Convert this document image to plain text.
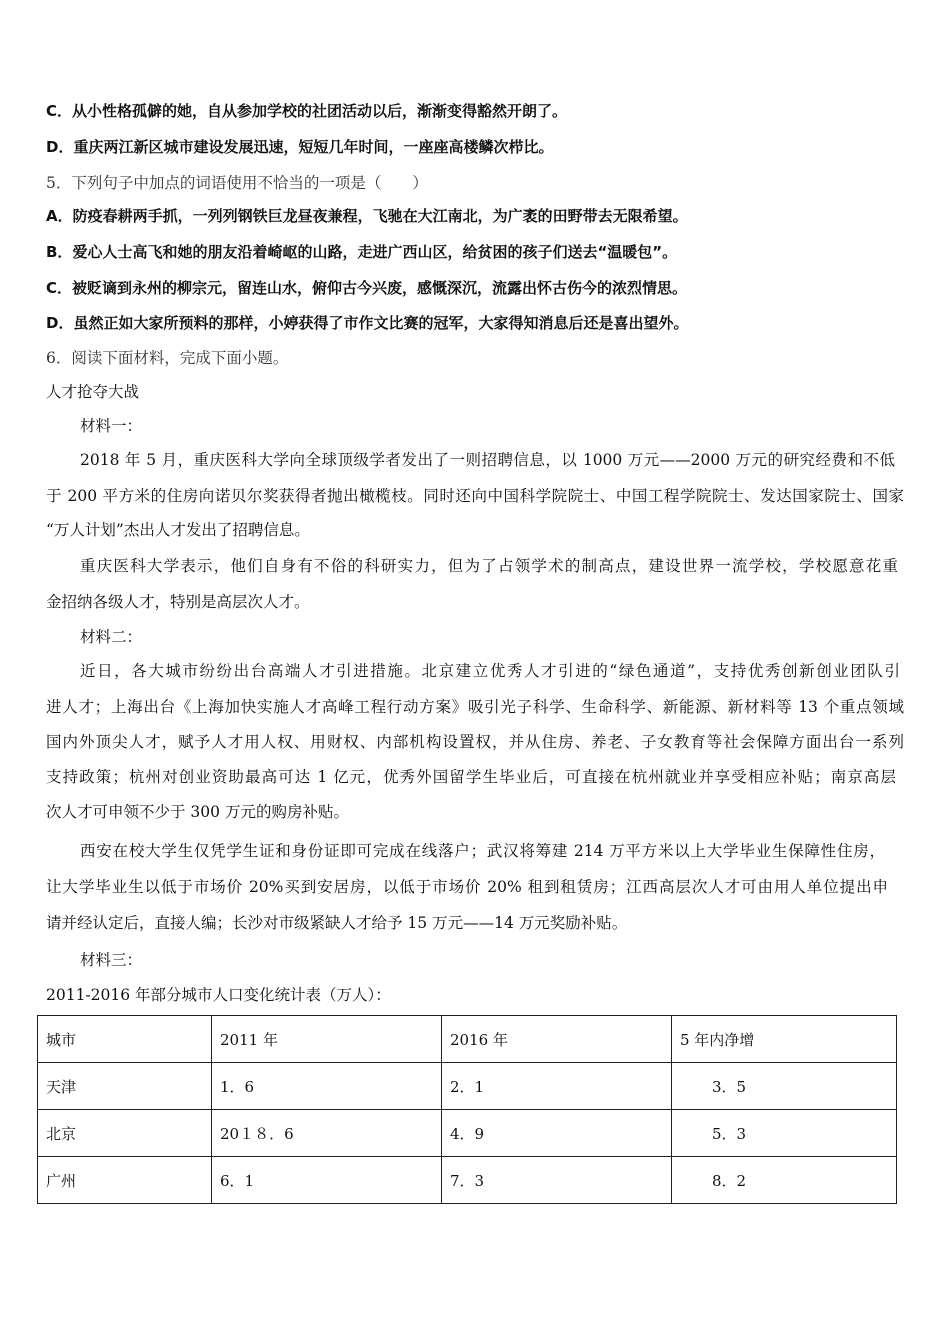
C．从小性格孤僻的她，自从参加学校的社团活动以后，渐渐变得豁然开朗了。
D．重庆两江新区城市建设发展迅速，短短几年时间，一座座高楼鳞次栉比。
5．下列句子中加点的词语使用不恰当的一项是（　　）
A．防疫春耕两手抓，一列列钢铁巨龙昼夜兼程，飞驰在大江南北，为广袤的田野带去无限希望。
B．爱心人士高飞和她的朋友沿着崎岖的山路，走进广西山区，给贫困的孩子们送去“温暖包”。
C．被贬谪到永州的柳宗元，留连山水，俯仰古今兴废，感慨深沉，流露出怀古伤今的浓烈情思。
D．虽然正如大家所预料的那样，小婷获得了市作文比赛的冠军，大家得知消息后还是喜出望外。
6．阅读下面材料，完成下面小题。
人才抢夺大战
材料一：
2018 年 5 月，重庆医科大学向全球顶级学者发出了一则招聘信息，以 1000 万元——2000 万元的研究经费和不低
于 200 平方米的住房向诺贝尔奖获得者抛出橄榄枝。同时还向中国科学院院士、中国工程学院院士、发达国家院士、国家
“万人计划”杰出人才发出了招聘信息。
重庆医科大学表示，他们自身有不俗的科研实力，但为了占领学术的制高点，建设世界一流学校，学校愿意花重
金招纳各级人才，特别是高层次人才。
材料二：
近日，各大城市纷纷出台高端人才引进措施。北京建立优秀人才引进的“绿色通道”，支持优秀创新创业团队引
进人才；上海出台《上海加快实施人才高峰工程行动方案》吸引光子科学、生命科学、新能源、新材料等 13 个重点领域
国内外顶尖人才，赋予人才用人权、用财权、内部机构设置权，并从住房、养老、子女教育等社会保障方面出台一系列
支持政策；杭州对创业资助最高可达 1 亿元，优秀外国留学生毕业后，可直接在杭州就业并享受相应补贴；南京高层
次人才可申领不少于 300 万元的购房补贴。
西安在校大学生仅凭学生证和身份证即可完成在线落户；武汉将筹建 214 万平方米以上大学毕业生保障性住房，
让大学毕业生以低于市场价 20%买到安居房，以低于市场价 20% 租到租赁房；江西高层次人才可由用人单位提出申
请并经认定后，直接人编；长沙对市级紧缺人才给予 15 万元——14 万元奖励补贴。
材料三：
2011-2016 年部分城市人口变化统计表（万人）：
城市	2011 年	2016 年	5 年内净增
天津	1．6	2．1	3．5
北京	20１８．6	4．9	5．3
广州	6．1	7．3	8．2
